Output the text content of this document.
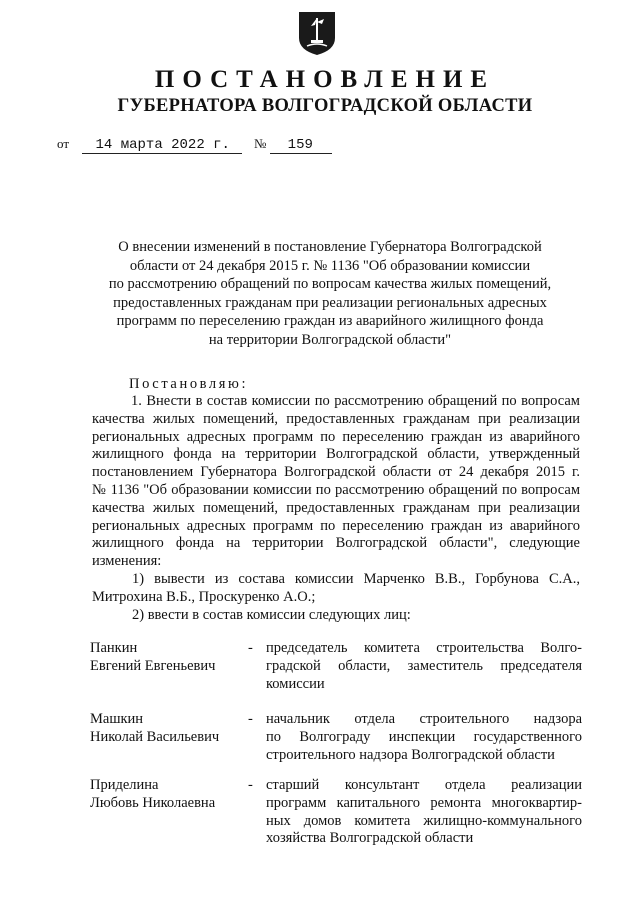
ПОСТАНОВЛЕНИЕ
ГУБЕРНАТОРА ВОЛГОГРАДСКОЙ ОБЛАСТИ
от 14 марта 2022 г. № 159
О внесении изменений в постановление Губернатора Волгоградской
области от 24 декабря 2015 г. № 1136 "Об образовании комиссии
по рассмотрению обращений по вопросам качества жилых помещений,
предоставленных гражданам при реализации региональных адресных
программ по переселению граждан из аварийного жилищного фонда
на территории Волгоградской области"
Постановляю:
1. Внести в состав комиссии по рассмотрению обращений по вопросам
качества жилых помещений, предоставленных гражданам при реализации
региональных адресных программ по переселению граждан из аварийного
жилищного фонда на территории Волгоградской области, утвержденный
постановлением Губернатора Волгоградской области от 24 декабря 2015 г.
№ 1136 "Об образовании комиссии по рассмотрению обращений по вопросам
качества жилых помещений, предоставленных гражданам при реализации
региональных адресных программ по переселению граждан из аварийного
жилищного фонда на территории Волгоградской области", следующие
изменения:
1) вывести из состава комиссии Марченко В.В., Горбунова С.А.,
Митрохина В.Б., Проскуренко А.О.;
2) ввести в состав комиссии следующих лиц:
Панкин
Евгений Евгеньевич
- председатель комитета строительства Волго-
градской области, заместитель председателя
комиссии
Машкин
Николай Васильевич
- начальник отдела строительного надзора
по Волгограду инспекции государственного
строительного надзора Волгоградской области
Приделина
Любовь Николаевна
- старший консультант отдела реализации
программ капитального ремонта многоквартир-
ных домов комитета жилищно-коммунального
хозяйства Волгоградской области
